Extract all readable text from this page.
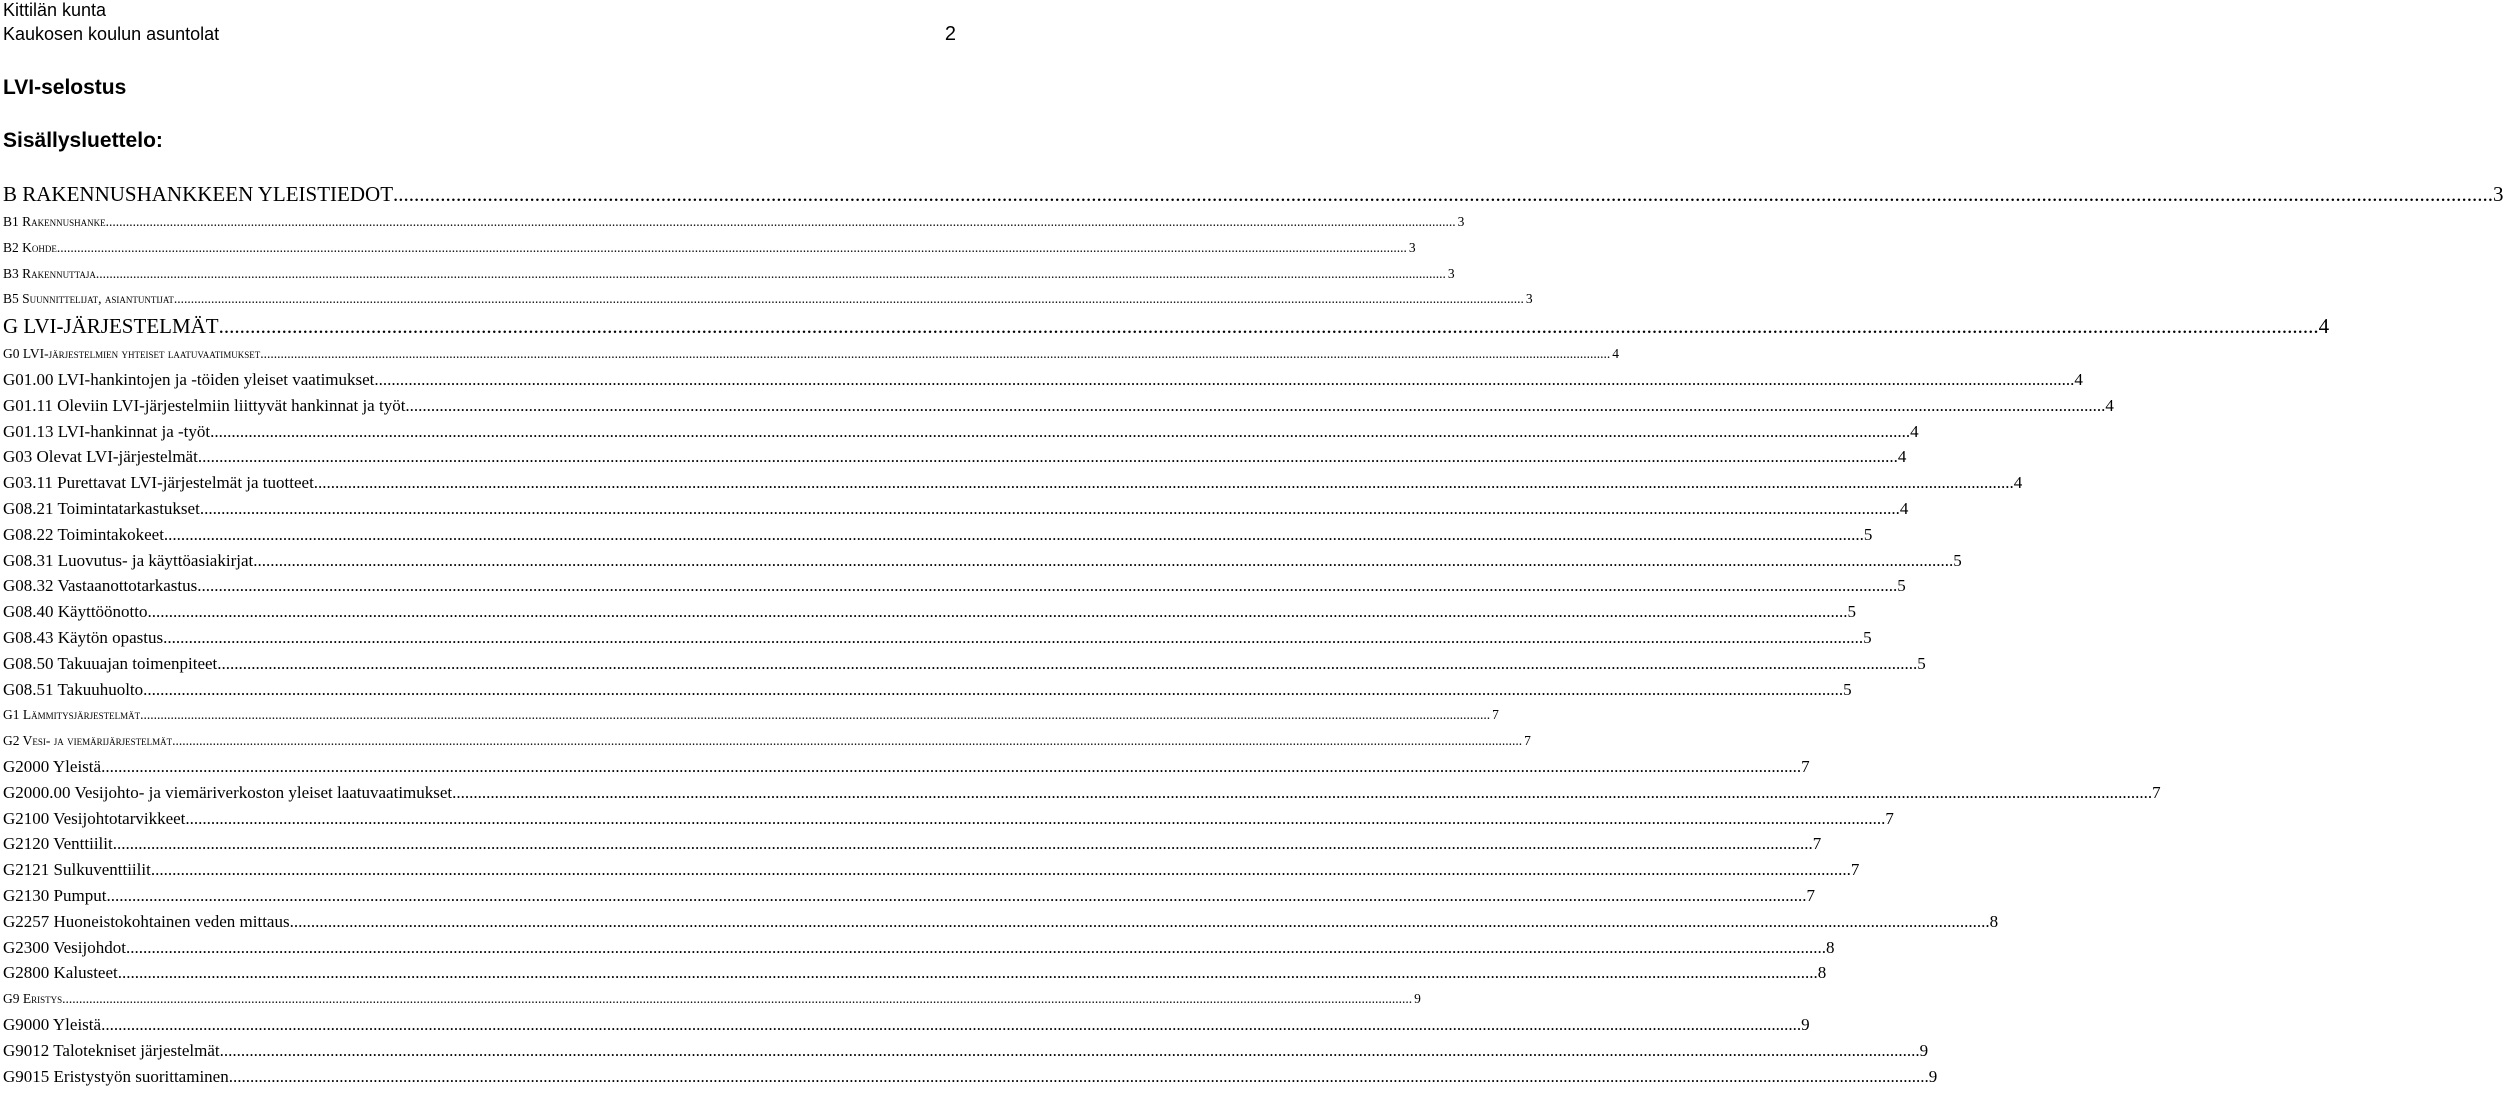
Kittilän kunta
Kaukosen koulun asuntolat	2
LVI-selostus
Sisällysluettelo:
B RAKENNUSHANKKEEN YLEISTIEDOT ................................................................................................................................................................................................................................................................................................................................................................................................................ 3
B1 Rakennushanke ................................................................................................................................................................................................................................................................................................................................................................................................................ 3
B2 Kohde ................................................................................................................................................................................................................................................................................................................................................................................................................ 3
B3 Rakennuttaja ................................................................................................................................................................................................................................................................................................................................................................................................................ 3
B5 Suunnittelijat, asiantuntijat ................................................................................................................................................................................................................................................................................................................................................................................................................ 3
G LVI-JÄRJESTELMÄT ................................................................................................................................................................................................................................................................................................................................................................................................................ 4
G0 LVI-järjestelmien yhteiset laatuvaatimukset ................................................................................................................................................................................................................................................................................................................................................................................................................ 4
G01.00 LVI-hankintojen ja -töiden yleiset vaatimukset ................................................................................................................................................................................................................................................................................................................................................................................................................ 4
G01.11 Oleviin LVI-järjestelmiin liittyvät hankinnat ja työt ................................................................................................................................................................................................................................................................................................................................................................................................................ 4
G01.13 LVI-hankinnat ja -työt ................................................................................................................................................................................................................................................................................................................................................................................................................ 4
G03 Olevat LVI-järjestelmät ................................................................................................................................................................................................................................................................................................................................................................................................................ 4
G03.11 Purettavat LVI-järjestelmät ja tuotteet ................................................................................................................................................................................................................................................................................................................................................................................................................ 4
G08.21 Toimintatarkastukset ................................................................................................................................................................................................................................................................................................................................................................................................................ 4
G08.22 Toimintakokeet ................................................................................................................................................................................................................................................................................................................................................................................................................ 5
G08.31 Luovutus- ja käyttöasiakirjat ................................................................................................................................................................................................................................................................................................................................................................................................................ 5
G08.32 Vastaanottotarkastus ................................................................................................................................................................................................................................................................................................................................................................................................................ 5
G08.40 Käyttöönotto ................................................................................................................................................................................................................................................................................................................................................................................................................ 5
G08.43 Käytön opastus ................................................................................................................................................................................................................................................................................................................................................................................................................ 5
G08.50 Takuuajan toimenpiteet ................................................................................................................................................................................................................................................................................................................................................................................................................ 5
G08.51 Takuuhuolto ................................................................................................................................................................................................................................................................................................................................................................................................................ 5
G1 Lämmitysjärjestelmät ................................................................................................................................................................................................................................................................................................................................................................................................................ 7
G2 Vesi- ja viemärijärjestelmät ................................................................................................................................................................................................................................................................................................................................................................................................................ 7
G2000 Yleistä ................................................................................................................................................................................................................................................................................................................................................................................................................ 7
G2000.00 Vesijohto- ja viemäriverkoston yleiset laatuvaatimukset ................................................................................................................................................................................................................................................................................................................................................................................................................ 7
G2100 Vesijohtotarvikkeet ................................................................................................................................................................................................................................................................................................................................................................................................................ 7
G2120 Venttiilit ................................................................................................................................................................................................................................................................................................................................................................................................................ 7
G2121 Sulkuventtiilit ................................................................................................................................................................................................................................................................................................................................................................................................................ 7
G2130 Pumput ................................................................................................................................................................................................................................................................................................................................................................................................................ 7
G2257 Huoneistokohtainen veden mittaus ................................................................................................................................................................................................................................................................................................................................................................................................................ 8
G2300 Vesijohdot ................................................................................................................................................................................................................................................................................................................................................................................................................ 8
G2800 Kalusteet ................................................................................................................................................................................................................................................................................................................................................................................................................ 8
G9 Eristys ................................................................................................................................................................................................................................................................................................................................................................................................................ 9
G9000 Yleistä ................................................................................................................................................................................................................................................................................................................................................................................................................ 9
G9012 Talotekniset järjestelmät ................................................................................................................................................................................................................................................................................................................................................................................................................ 9
G9015 Eristystyön suorittaminen ................................................................................................................................................................................................................................................................................................................................................................................................................ 9
